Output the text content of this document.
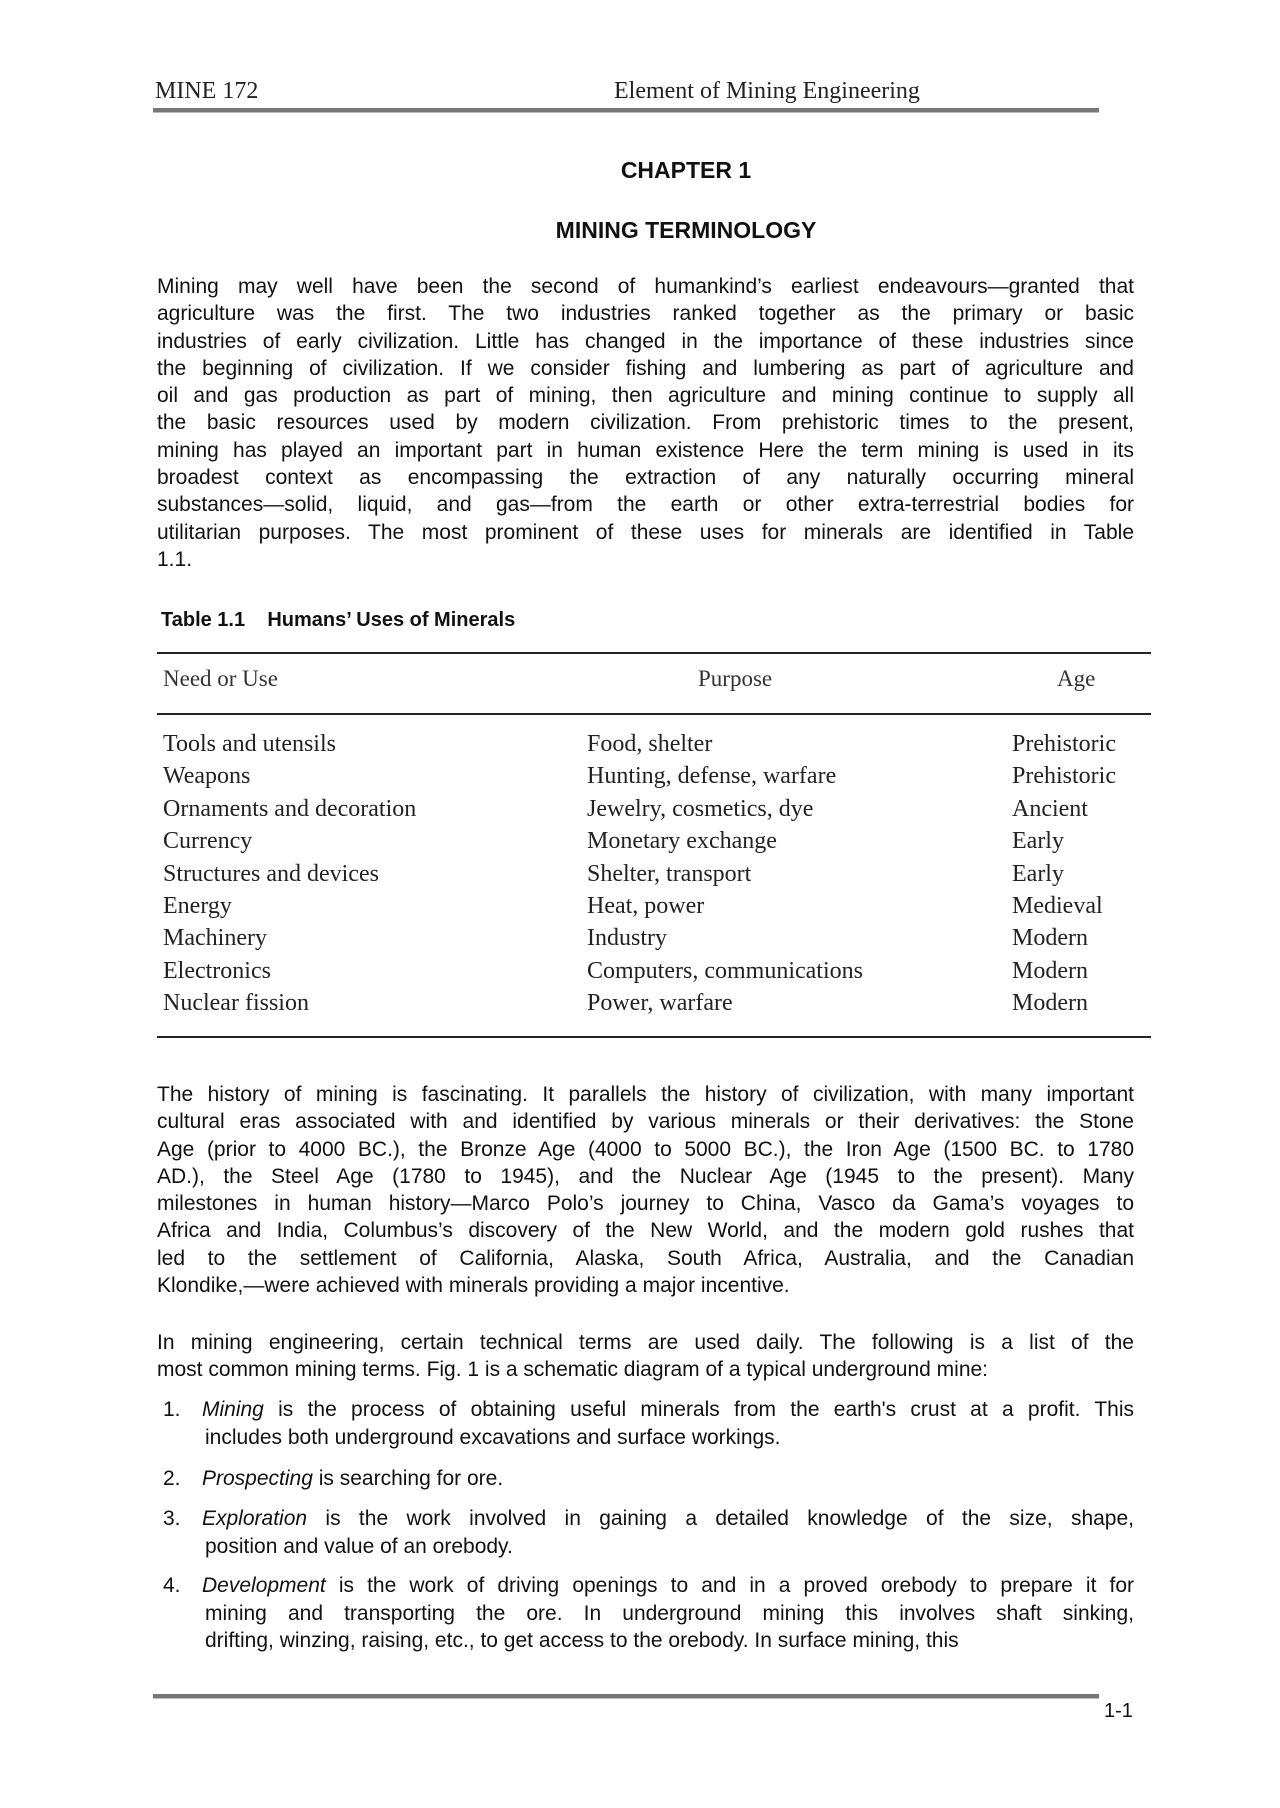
MINE 172	Element of Mining Engineering
CHAPTER 1
MINING TERMINOLOGY
Mining may well have been the second of humankind’s earliest endeavours—granted that
agriculture was the first. The two industries ranked together as the primary or basic
industries of early civilization. Little has changed in the importance of these industries since
the beginning of civilization. If we consider fishing and lumbering as part of agriculture and
oil and gas production as part of mining, then agriculture and mining continue to supply all
the basic resources used by modern civilization. From prehistoric times to the present,
mining has played an important part in human existence Here the term mining is used in its
broadest context as encompassing the extraction of any naturally occurring mineral
substances—solid, liquid, and gas—from the earth or other extra-terrestrial bodies for
utilitarian purposes. The most prominent of these uses for minerals are identified in Table
1.1.
Table 1.1    Humans’ Uses of Minerals
Need or Use	Purpose	Age
Tools and utensils	Food, shelter	Prehistoric
Weapons	Hunting, defense, warfare	Prehistoric
Ornaments and decoration	Jewelry, cosmetics, dye	Ancient
Currency	Monetary exchange	Early
Structures and devices	Shelter, transport	Early
Energy	Heat, power	Medieval
Machinery	Industry	Modern
Electronics	Computers, communications	Modern
Nuclear fission	Power, warfare	Modern
The history of mining is fascinating. It parallels the history of civilization, with many important
cultural eras associated with and identified by various minerals or their derivatives: the Stone
Age (prior to 4000 BC.), the Bronze Age (4000 to 5000 BC.), the Iron Age (1500 BC. to 1780
AD.), the Steel Age (1780 to 1945), and the Nuclear Age (1945 to the present). Many
milestones in human history—Marco Polo’s journey to China, Vasco da Gama’s voyages to
Africa and India, Columbus’s discovery of the New World, and the modern gold rushes that
led to the settlement of California, Alaska, South Africa, Australia, and the Canadian
Klondike,—were achieved with minerals providing a major incentive.
In mining engineering, certain technical terms are used daily. The following is a list of the
most common mining terms. Fig. 1 is a schematic diagram of a typical underground mine:
1. Mining is the process of obtaining useful minerals from the earth's crust at a profit. This
includes both underground excavations and surface workings.
2. Prospecting is searching for ore.
3. Exploration is the work involved in gaining a detailed knowledge of the size, shape,
position and value of an orebody.
4. Development is the work of driving openings to and in a proved orebody to prepare it for
mining and transporting the ore. In underground mining this involves shaft sinking,
drifting, winzing, raising, etc., to get access to the orebody. In surface mining, this
1-1
